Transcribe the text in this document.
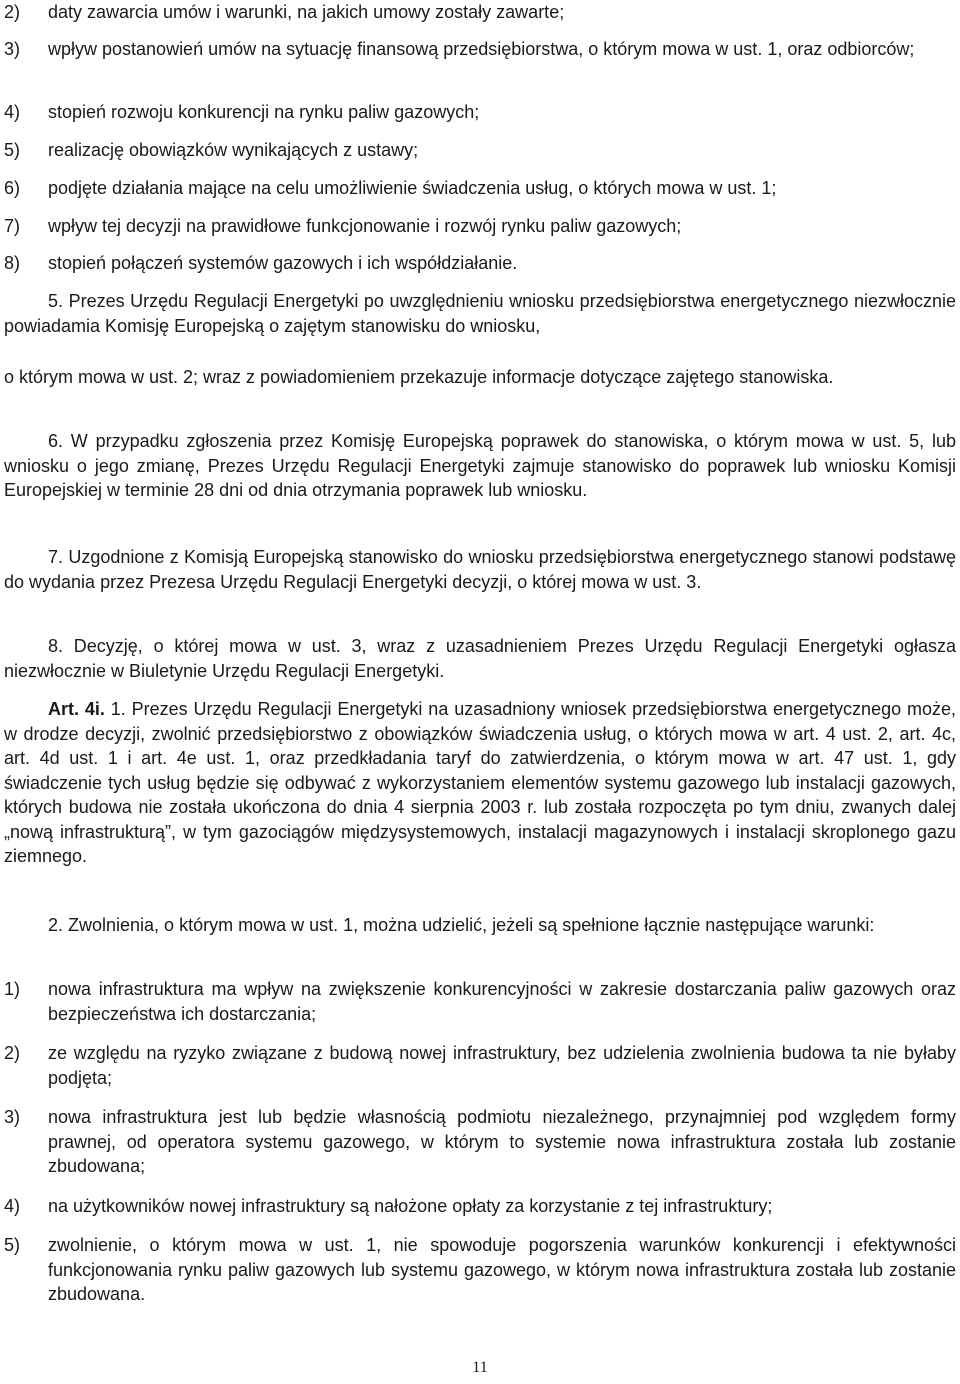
2)	daty zawarcia umów i warunki, na jakich umowy zostały zawarte;
3)	wpływ postanowień umów na sytuację finansową przedsiębiorstwa, o którym mowa w ust. 1, oraz odbiorców;
4)	stopień rozwoju konkurencji na rynku paliw gazowych;
5)	realizację obowiązków wynikających z ustawy;
6)	podjęte działania mające na celu umożliwienie świadczenia usług, o których mowa w ust. 1;
7)	wpływ tej decyzji na prawidłowe funkcjonowanie i rozwój rynku paliw gazowych;
8)	stopień połączeń systemów gazowych i ich współdziałanie.
5. Prezes Urzędu Regulacji Energetyki po uwzględnieniu wniosku przedsiębiorstwa energetycznego niezwłocznie powiadamia Komisję Europejską o zajętym stanowisku do wniosku,
o którym mowa w ust. 2; wraz z powiadomieniem przekazuje informacje dotyczące zajętego stanowiska.
6. W przypadku zgłoszenia przez Komisję Europejską poprawek do stanowiska, o którym mowa w ust. 5, lub wniosku o jego zmianę, Prezes Urzędu Regulacji Energetyki zajmuje stanowisko do poprawek lub wniosku Komisji Europejskiej w terminie 28 dni od dnia otrzymania poprawek lub wniosku.
7. Uzgodnione z Komisją Europejską stanowisko do wniosku przedsiębiorstwa energetycznego stanowi podstawę do wydania przez Prezesa Urzędu Regulacji Energetyki decyzji, o której mowa w ust. 3.
8. Decyzję, o której mowa w ust. 3, wraz z uzasadnieniem Prezes Urzędu Regulacji Energetyki ogłasza niezwłocznie w Biuletynie Urzędu Regulacji Energetyki.
Art. 4i. 1. Prezes Urzędu Regulacji Energetyki na uzasadniony wniosek przedsiębiorstwa energetycznego może, w drodze decyzji, zwolnić przedsiębiorstwo z obowiązków świadczenia usług, o których mowa w art. 4 ust. 2, art. 4c, art. 4d ust. 1 i art. 4e ust. 1, oraz przedkładania taryf do zatwierdzenia, o którym mowa w art. 47 ust. 1, gdy świadczenie tych usług będzie się odbywać z wykorzystaniem elementów systemu gazowego lub instalacji gazowych, których budowa nie została ukończona do dnia 4 sierpnia 2003 r. lub została rozpoczęta po tym dniu, zwanych dalej „nową infrastrukturą”, w tym gazociągów międzysystemowych, instalacji magazynowych i instalacji skroplonego gazu ziemnego.
2. Zwolnienia, o którym mowa w ust. 1, można udzielić, jeżeli są spełnione łącznie następujące warunki:
1)	nowa infrastruktura ma wpływ na zwiększenie konkurencyjności w zakresie dostarczania paliw gazowych oraz bezpieczeństwa ich dostarczania;
2)	ze względu na ryzyko związane z budową nowej infrastruktury, bez udzielenia zwolnienia budowa ta nie byłaby podjęta;
3)	nowa infrastruktura jest lub będzie własnością podmiotu niezależnego, przynajmniej pod względem formy prawnej, od operatora systemu gazowego, w którym to systemie nowa infrastruktura została lub zostanie zbudowana;
4)	na użytkowników nowej infrastruktury są nałożone opłaty za korzystanie z tej infrastruktury;
5)	zwolnienie, o którym mowa w ust. 1, nie spowoduje pogorszenia warunków konkurencji i efektywności funkcjonowania rynku paliw gazowych lub systemu gazowego, w którym nowa infrastruktura została lub zostanie zbudowana.
11
